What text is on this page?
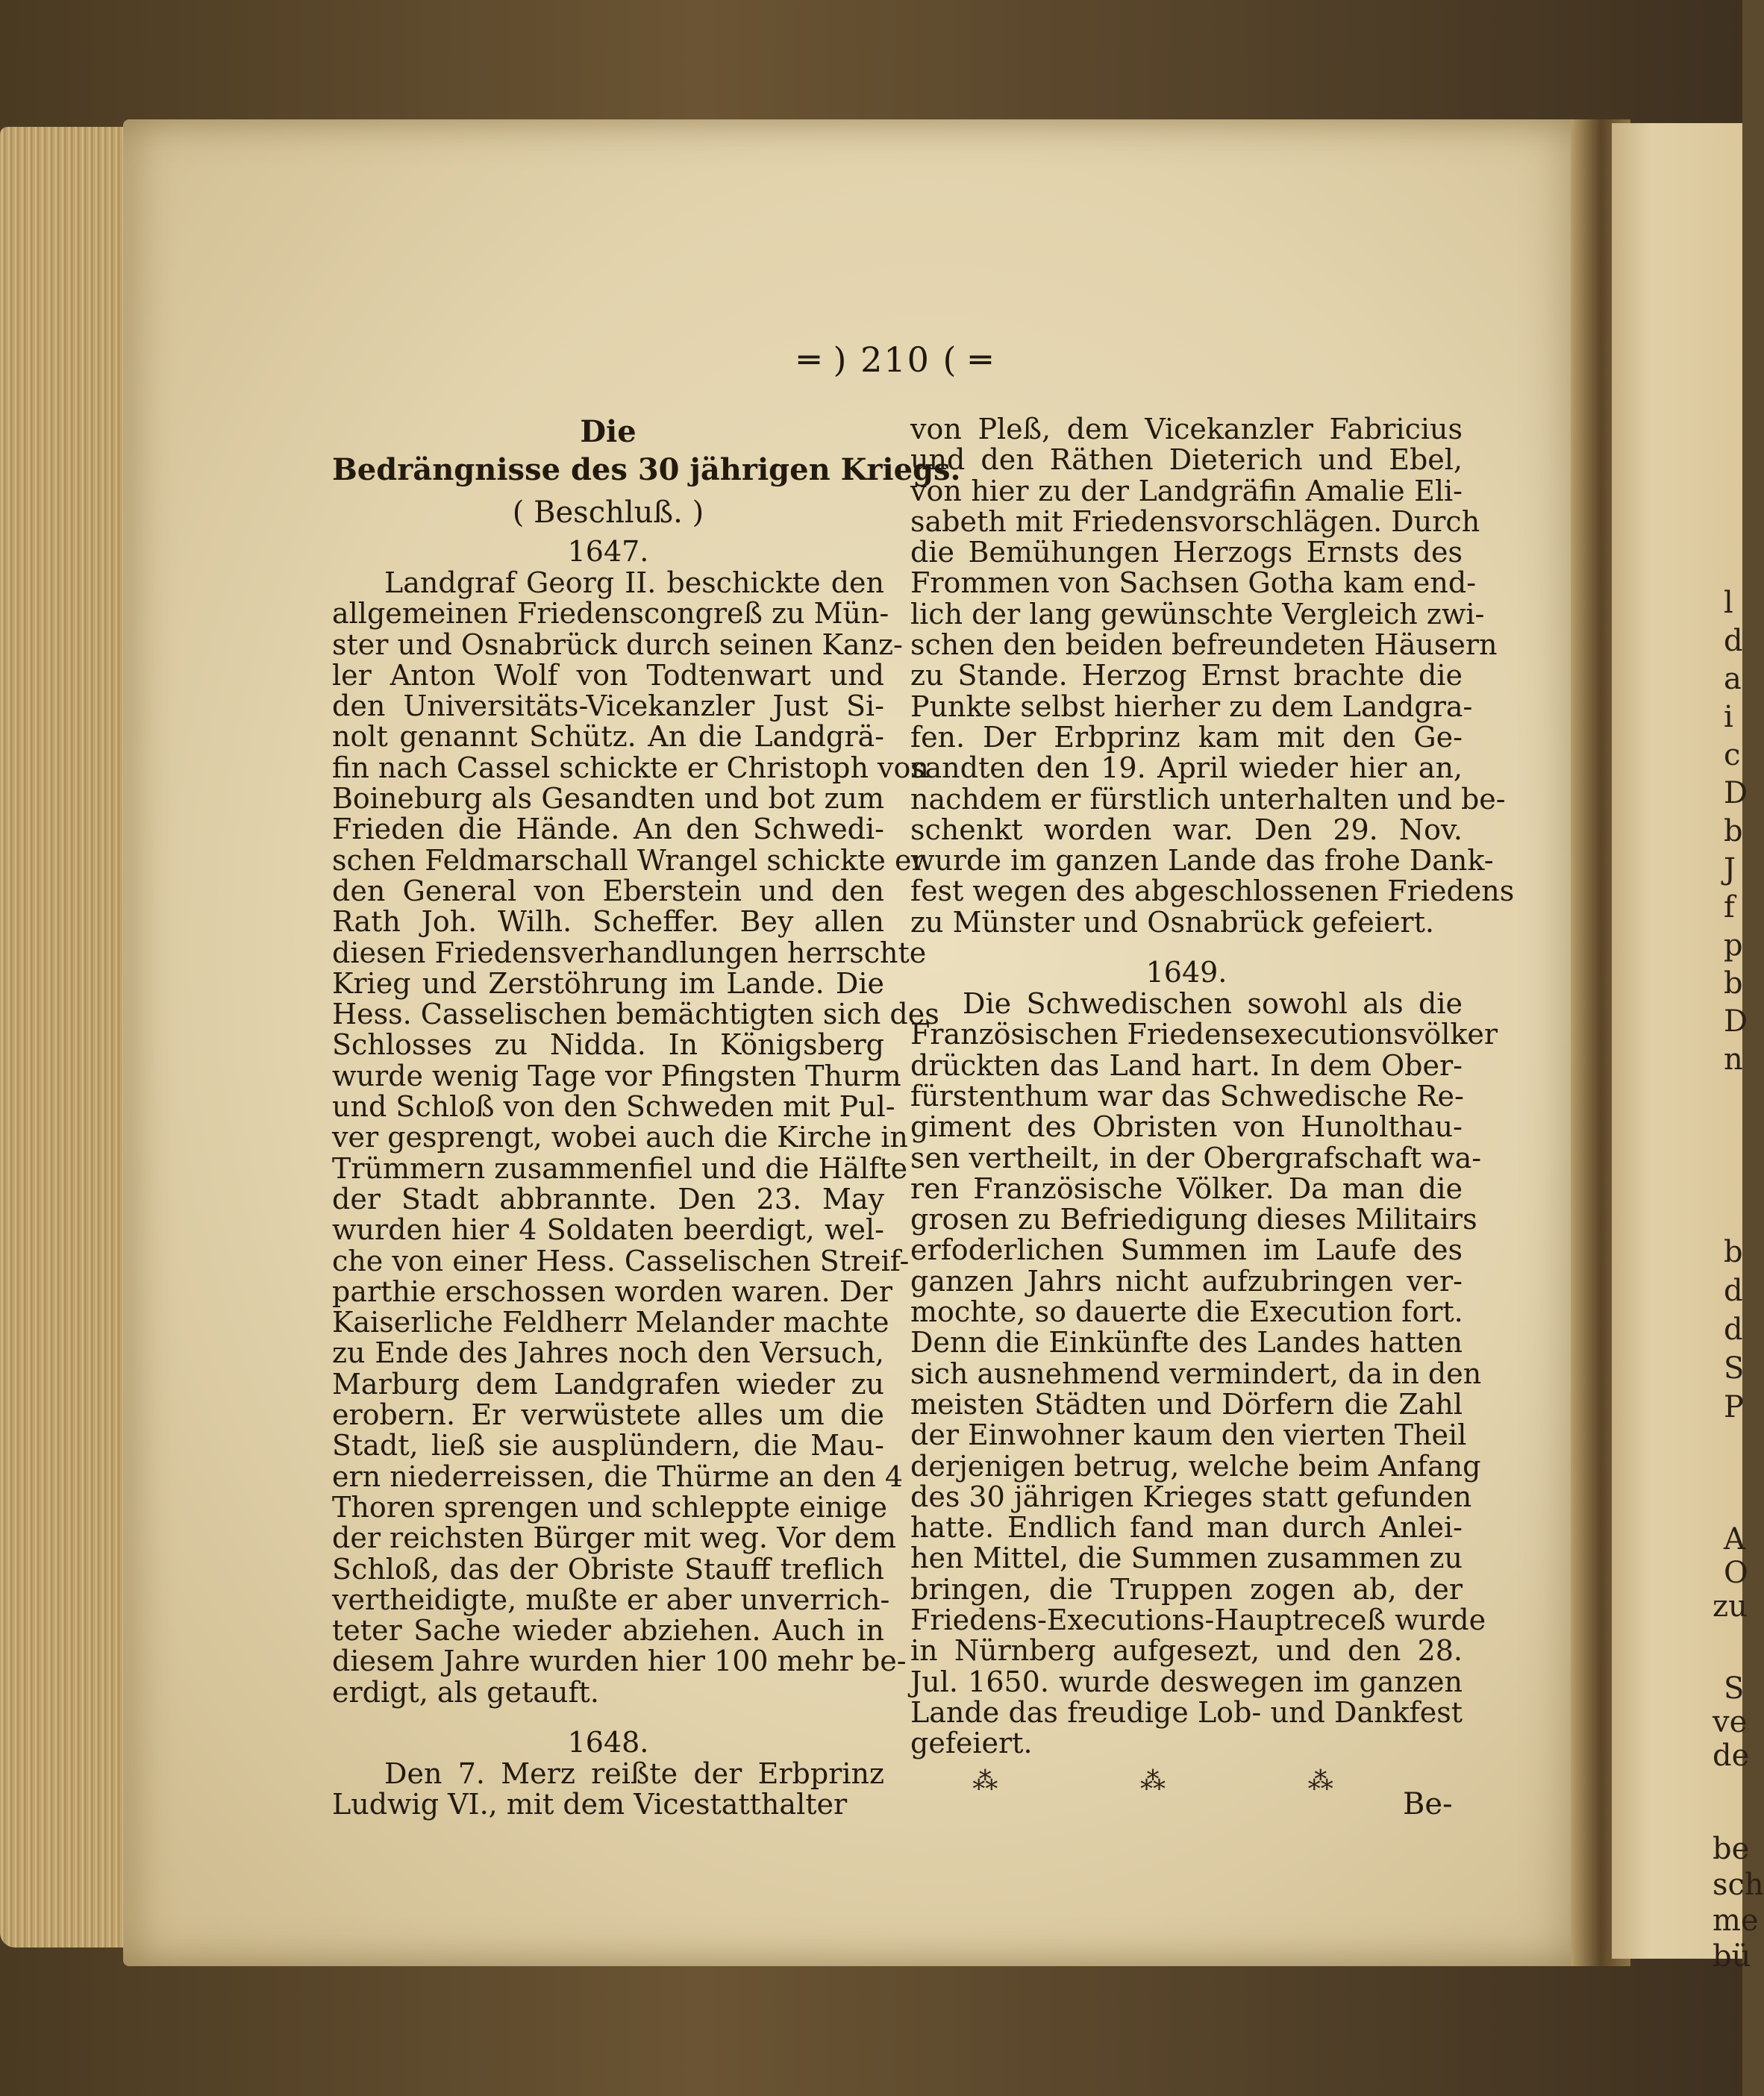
l
d
a
i
c
D
b
J
f
p
b
D
n
b
d
d
S
P
A
O
zu
S
ve
de
be
sch
me
bü
═ ) 210 ( ═
Die
Bedrängnisse des 30 jährigen Kriegs.
( Beschluß. )
1647.
Landgraf Georg II. beschickte den
allgemeinen Friedenscongreß zu Mün-
ster und Osnabrück durch seinen Kanz-
ler Anton Wolf von Todtenwart und
den Universitäts-Vicekanzler Just Si-
nolt genannt Schütz. An die Landgrä-
fin nach Cassel schickte er Christoph von
Boineburg als Gesandten und bot zum
Frieden die Hände. An den Schwedi-
schen Feldmarschall Wrangel schickte er
den General von Eberstein und den
Rath Joh. Wilh. Scheffer. Bey allen
diesen Friedensverhandlungen herrschte
Krieg und Zerstöhrung im Lande. Die
Hess. Casselischen bemächtigten sich des
Schlosses zu Nidda. In Königsberg
wurde wenig Tage vor Pfingsten Thurm
und Schloß von den Schweden mit Pul-
ver gesprengt, wobei auch die Kirche in
Trümmern zusammenfiel und die Hälfte
der Stadt abbrannte. Den 23. May
wurden hier 4 Soldaten beerdigt, wel-
che von einer Hess. Casselischen Streif-
parthie erschossen worden waren. Der
Kaiserliche Feldherr Melander machte
zu Ende des Jahres noch den Versuch,
Marburg dem Landgrafen wieder zu
erobern. Er verwüstete alles um die
Stadt, ließ sie ausplündern, die Mau-
ern niederreissen, die Thürme an den 4
Thoren sprengen und schleppte einige
der reichsten Bürger mit weg. Vor dem
Schloß, das der Obriste Stauff treflich
vertheidigte, mußte er aber unverrich-
teter Sache wieder abziehen. Auch in
diesem Jahre wurden hier 100 mehr be-
erdigt, als getauft.
1648.
Den 7. Merz reißte der Erbprinz
Ludwig VI., mit dem Vicestatthalter
von Pleß, dem Vicekanzler Fabricius
und den Räthen Dieterich und Ebel,
von hier zu der Landgräfin Amalie Eli-
sabeth mit Friedensvorschlägen. Durch
die Bemühungen Herzogs Ernsts des
Frommen von Sachsen Gotha kam end-
lich der lang gewünschte Vergleich zwi-
schen den beiden befreundeten Häusern
zu Stande. Herzog Ernst brachte die
Punkte selbst hierher zu dem Landgra-
fen. Der Erbprinz kam mit den Ge-
sandten den 19. April wieder hier an,
nachdem er fürstlich unterhalten und be-
schenkt worden war. Den 29. Nov.
wurde im ganzen Lande das frohe Dank-
fest wegen des abgeschlossenen Friedens
zu Münster und Osnabrück gefeiert.
1649.
Die Schwedischen sowohl als die
Französischen Friedensexecutionsvölker
drückten das Land hart. In dem Ober-
fürstenthum war das Schwedische Re-
giment des Obristen von Hunolthau-
sen vertheilt, in der Obergrafschaft wa-
ren Französische Völker. Da man die
grosen zu Befriedigung dieses Militairs
erfoderlichen Summen im Laufe des
ganzen Jahrs nicht aufzubringen ver-
mochte, so dauerte die Execution fort.
Denn die Einkünfte des Landes hatten
sich ausnehmend vermindert, da in den
meisten Städten und Dörfern die Zahl
der Einwohner kaum den vierten Theil
derjenigen betrug, welche beim Anfang
des 30 jährigen Krieges statt gefunden
hatte. Endlich fand man durch Anlei-
hen Mittel, die Summen zusammen zu
bringen, die Truppen zogen ab, der
Friedens-Executions-Hauptreceß wurde
in Nürnberg aufgesezt, und den 28.
Jul. 1650. wurde deswegen im ganzen
Lande das freudige Lob- und Dankfest
gefeiert.
⁂ ⁂ ⁂
Be-
